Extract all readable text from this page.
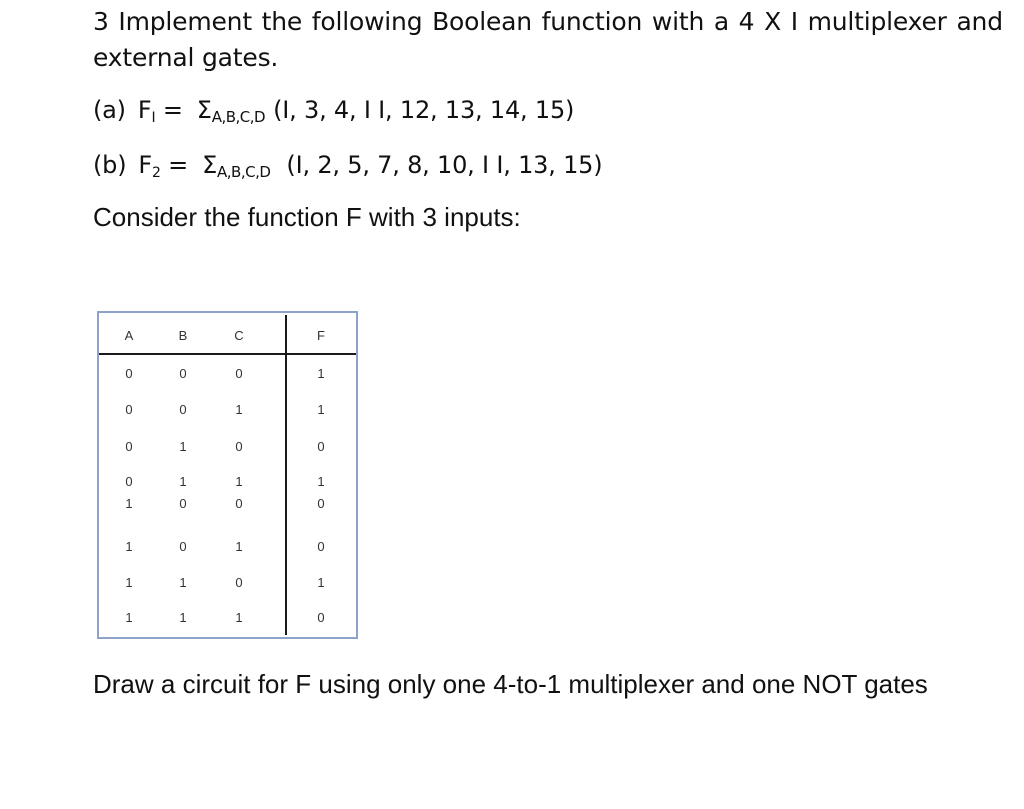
3 Implement the following Boolean function with a 4 X I multiplexer and
external gates.
(a) $F_I = \Sigma A,B,C,D$ (I, 3, 4, I I, 12, 13, 14, 15)
(b) $F_2 = \Sigma A,B,C,D$ (I, 2, 5, 7, 8, 10, I I, 13, 15)
Consider the function F with 3 inputs:
A	B	C	F
0	0	0	1
0	0	1	1
0	1	0	0
0	1	1	1
1	0	0	0
1	0	1	0
1	1	0	1
1	1	1	0
Draw a circuit for F using only one 4-to-1 multiplexer and one NOT gates
